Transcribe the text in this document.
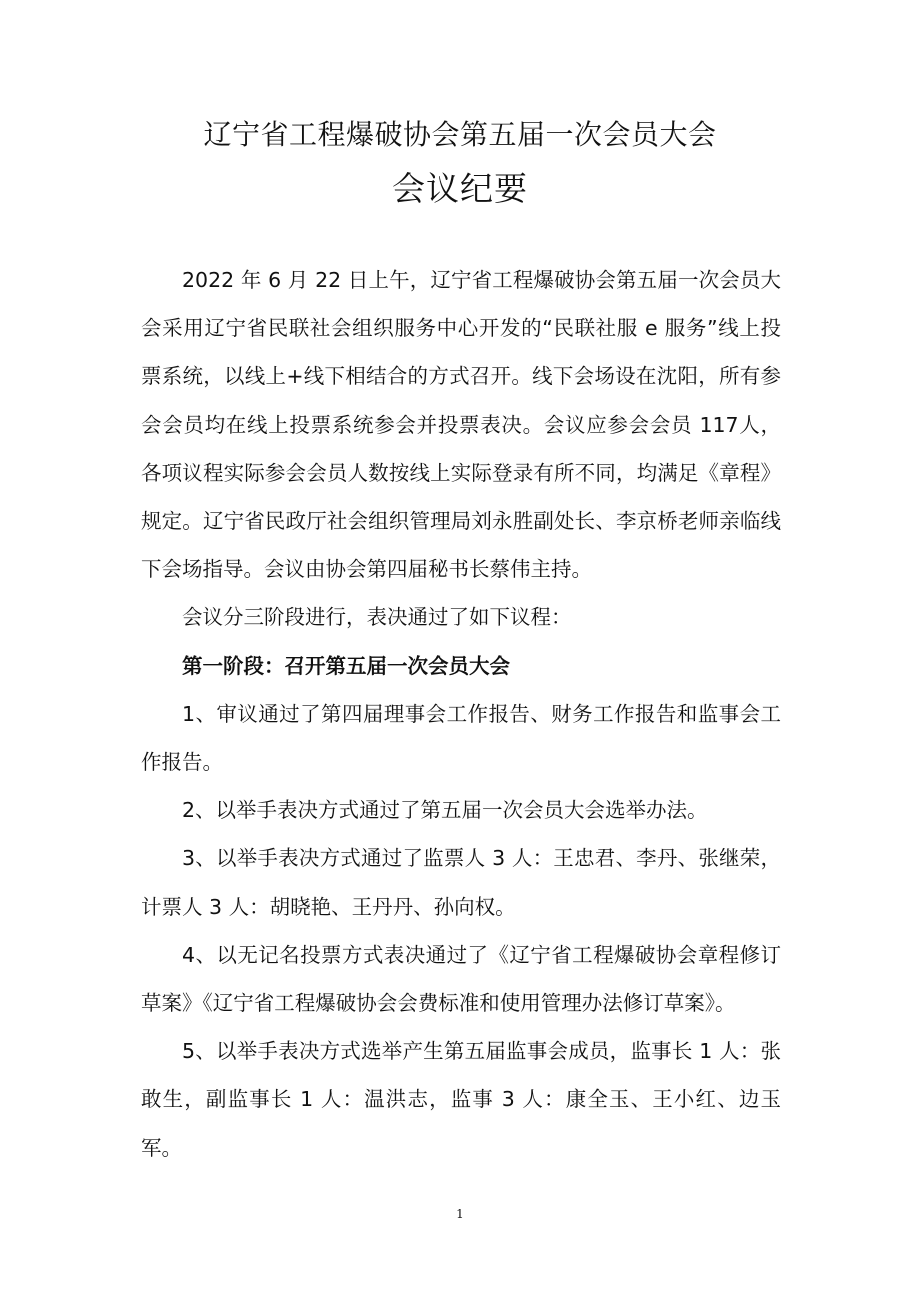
辽宁省工程爆破协会第五届一次会员大会
会议纪要

2022 年 6 月 22 日上午，辽宁省工程爆破协会第五届一次会员大会采用辽宁省民联社会组织服务中心开发的“民联社服 e 服务”线上投票系统，以线上+线下相结合的方式召开。线下会场设在沈阳，所有参会会员均在线上投票系统参会并投票表决。会议应参会会员 117人，各项议程实际参会会员人数按线上实际登录有所不同，均满足《章程》规定。辽宁省民政厅社会组织管理局刘永胜副处长、李京桥老师亲临线下会场指导。会议由协会第四届秘书长蔡伟主持。

会议分三阶段进行，表决通过了如下议程：

第一阶段：召开第五届一次会员大会

1、审议通过了第四届理事会工作报告、财务工作报告和监事会工作报告。

2、以举手表决方式通过了第五届一次会员大会选举办法。

3、以举手表决方式通过了监票人 3 人：王忠君、李丹、张继荣，计票人 3 人：胡晓艳、王丹丹、孙向权。

4、以无记名投票方式表决通过了《辽宁省工程爆破协会章程修订草案》《辽宁省工程爆破协会会费标准和使用管理办法修订草案》。

5、以举手表决方式选举产生第五届监事会成员，监事长 1 人：张敢生，副监事长 1 人：温洪志，监事 3 人：康全玉、王小红、边玉军。

1
